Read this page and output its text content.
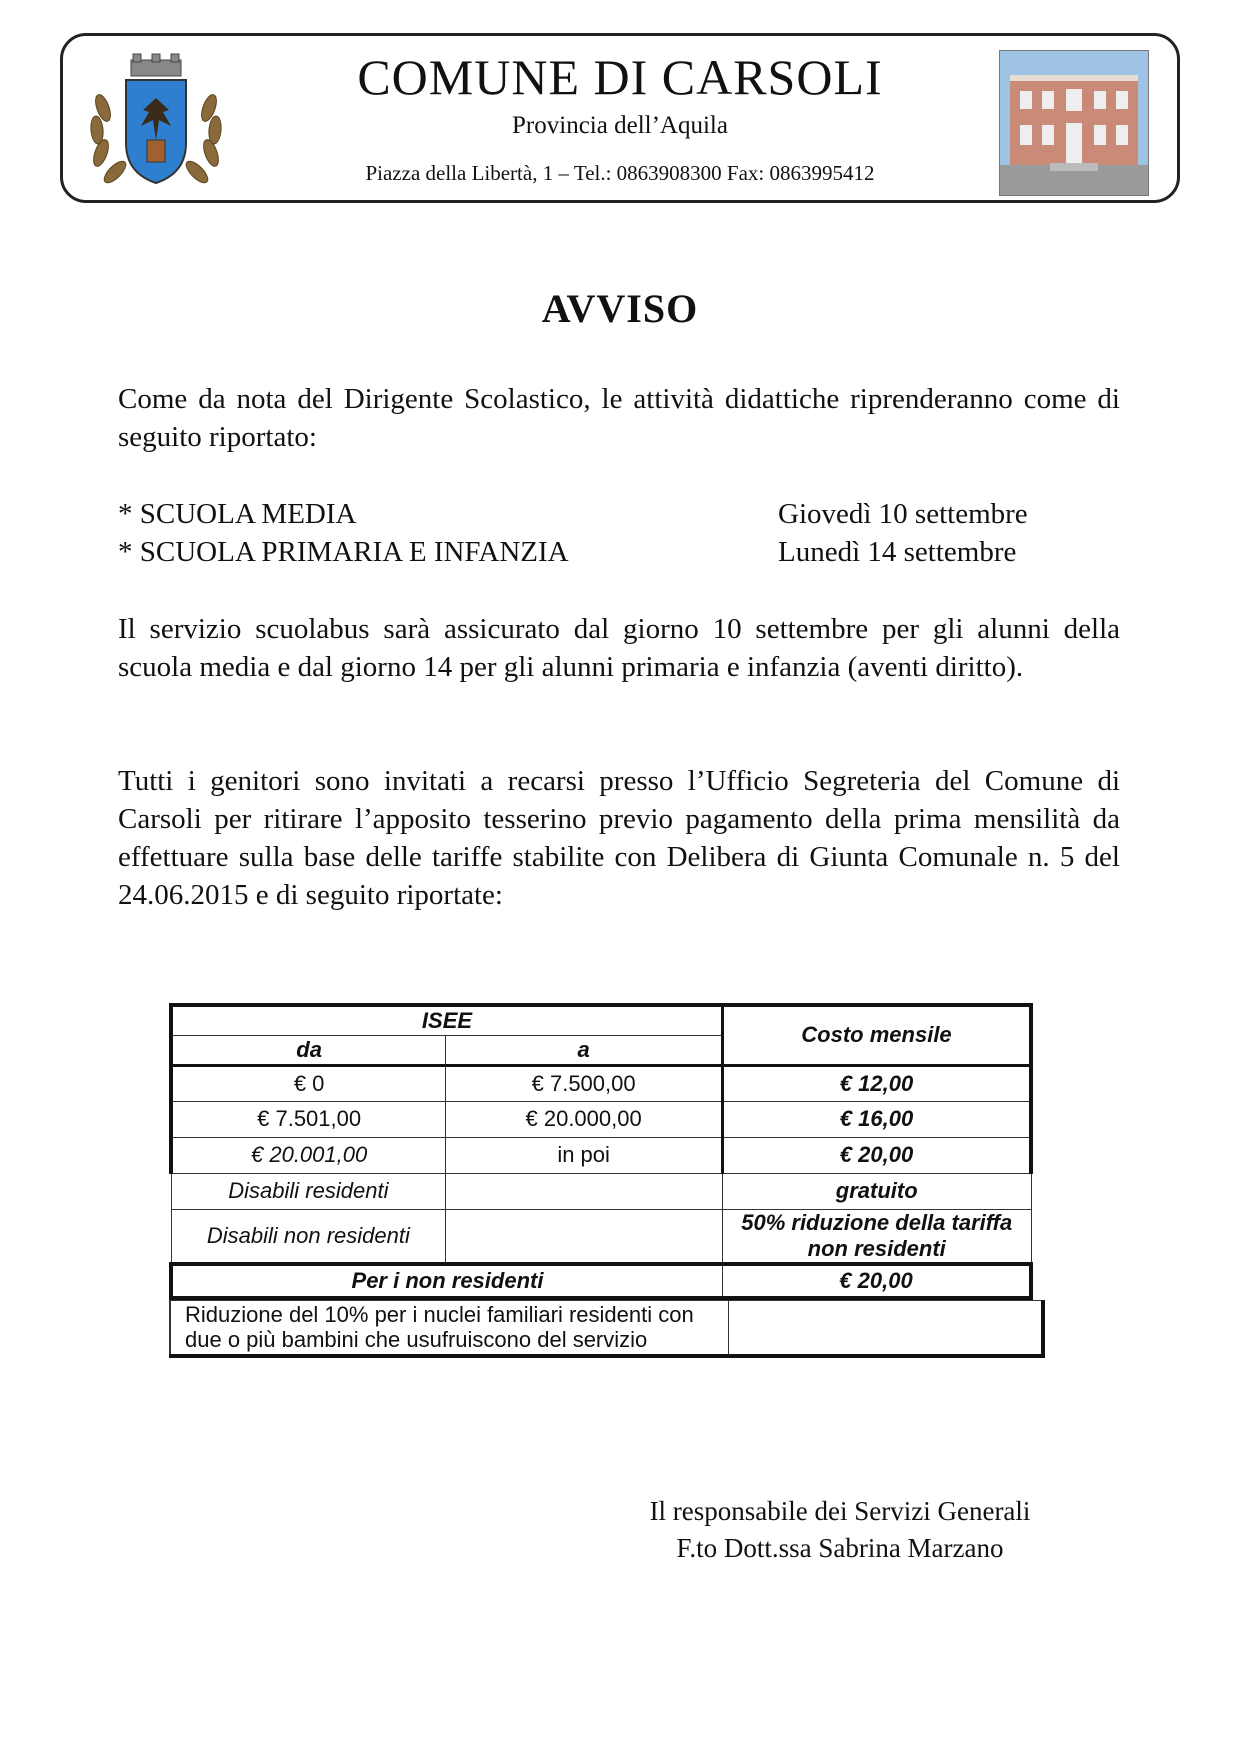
COMUNE DI CARSOLI
Provincia dell’Aquila
Piazza della Libertà, 1 – Tel.: 0863908300 Fax: 0863995412
AVVISO
Come da nota del Dirigente Scolastico, le attività didattiche riprenderanno come di seguito riportato:
* SCUOLA MEDIA	Giovedì 10 settembre
* SCUOLA PRIMARIA E INFANZIA	Lunedì 14 settembre
Il servizio scuolabus sarà assicurato dal giorno 10 settembre per gli alunni della scuola media e dal giorno 14 per gli alunni primaria e infanzia (aventi diritto).
Tutti i genitori sono invitati a recarsi presso l’Ufficio Segreteria del Comune di Carsoli per ritirare l’apposito tesserino previo pagamento della prima mensilità da effettuare sulla base delle tariffe stabilite con Delibera di Giunta Comunale n. 5 del 24.06.2015 e di seguito riportate:
ISEE		Costo mensile
da	a	
€ 0	€ 7.500,00	€ 12,00
€ 7.501,00	€ 20.000,00	€ 16,00
€ 20.001,00	in poi	€ 20,00
Disabili residenti		gratuito
Disabili non residenti		50% riduzione della tariffa non residenti
Per i non residenti		€ 20,00
Riduzione del 10% per i nuclei familiari residenti con due o più bambini che usufruiscono del servizio	
Il responsabile dei Servizi Generali
F.to Dott.ssa Sabrina Marzano
